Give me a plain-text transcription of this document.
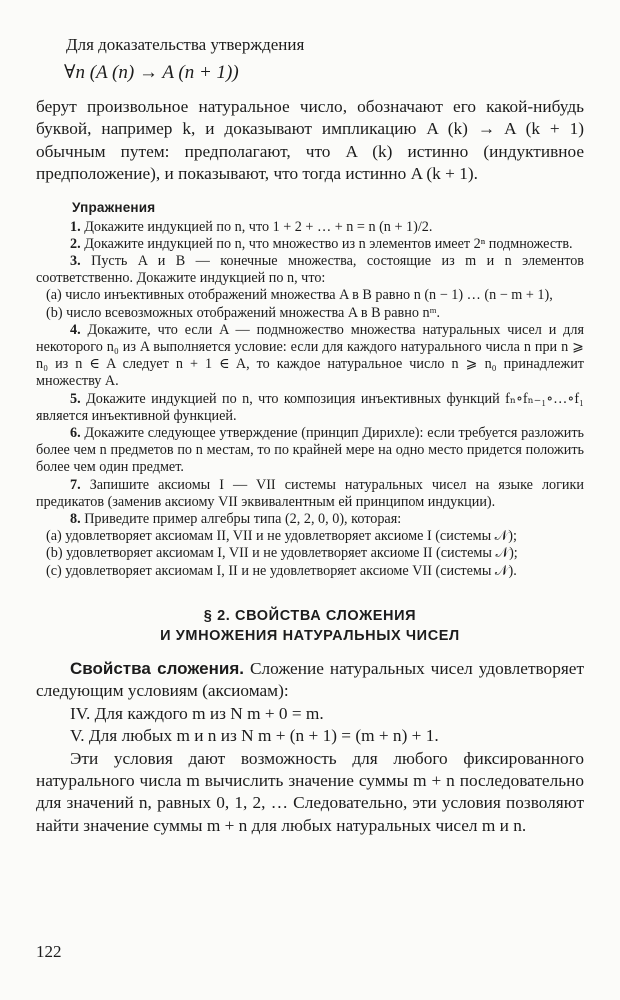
Для доказательства утверждения
∀n (A (n) → A (n + 1))
берут произвольное натуральное число, обозначают его какой-нибудь буквой, например k, и доказывают импликацию A (k) → A (k + 1) обычным путем: предполагают, что A (k) истинно (индуктивное предположение), и показывают, что тогда истинно A (k + 1).
Упражнения

1. Докажите индукцией по n, что 1 + 2 + … + n = n (n + 1)/2.

2. Докажите индукцией по n, что множество из n элементов имеет 2ⁿ подмножеств.

3. Пусть A и B — конечные множества, состоящие из m и n элементов соответственно. Докажите индукцией по n, что:

(a) число инъективных отображений множества A в B равно n (n − 1) … (n − m + 1),

(b) число всевозможных отображений множества A в B равно nᵐ.

4. Докажите, что если A — подмножество множества натуральных чисел и для некоторого n₀ из A выполняется условие: если для каждого натурального числа n при n ⩾ n₀ из n ∈ A следует n + 1 ∈ A, то каждое натуральное число n ⩾ n₀ принадлежит множеству A.

5. Докажите индукцией по n, что композиция инъективных функций fₙ∘fₙ₋₁∘…∘f₁ является инъективной функцией.

6. Докажите следующее утверждение (принцип Дирихле): если требуется разложить более чем n предметов по n местам, то по крайней мере на одно место придется положить более чем один предмет.

7. Запишите аксиомы I — VII системы натуральных чисел на языке логики предикатов (заменив аксиому VII эквивалентным ей принципом индукции).

8. Приведите пример алгебры типа (2, 2, 0, 0), которая:

(a) удовлетворяет аксиомам II, VII и не удовлетворяет аксиоме I (системы 𝒩);

(b) удовлетворяет аксиомам I, VII и не удовлетворяет аксиоме II (системы 𝒩);

(c) удовлетворяет аксиомам I, II и не удовлетворяет аксиоме VII (системы 𝒩).

§ 2. СВОЙСТВА СЛОЖЕНИЯ
И УМНОЖЕНИЯ НАТУРАЛЬНЫХ ЧИСЕЛ

Свойства сложения. Сложение натуральных чисел удовлетворяет следующим условиям (аксиомам):

IV. Для каждого m из N m + 0 = m.

V. Для любых m и n из N m + (n + 1) = (m + n) + 1.

Эти условия дают возможность для любого фиксированного натурального числа m вычислить значение суммы m + n последовательно для значений n, равных 0, 1, 2, … Следовательно, эти условия позволяют найти значение суммы m + n для любых натуральных чисел m и n.

122
